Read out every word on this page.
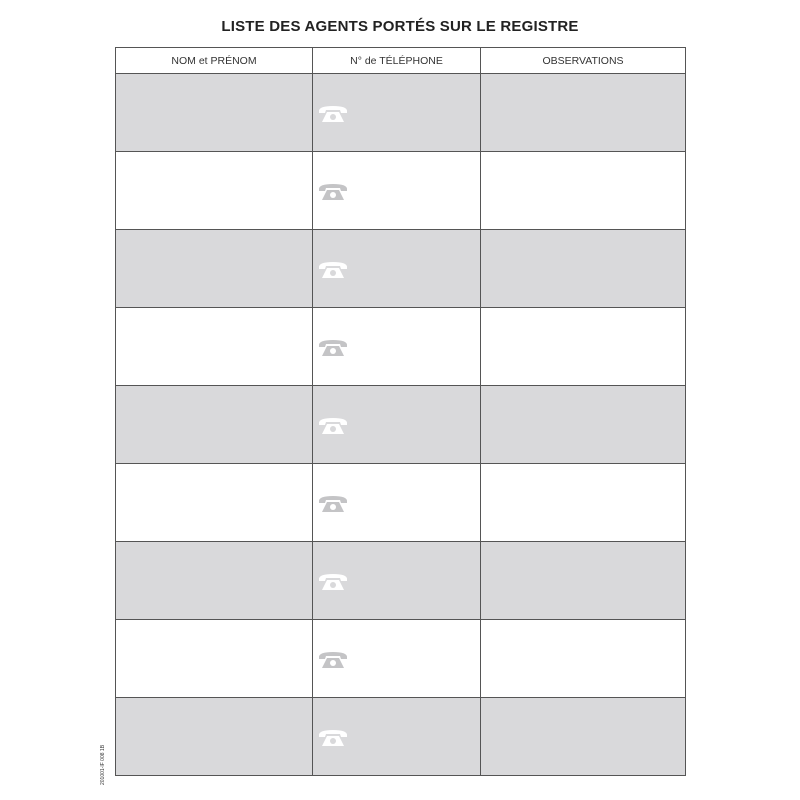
LISTE DES AGENTS PORTÉS SUR LE REGISTRE
NOM et PRÉNOM	N° de TÉLÉPHONE	OBSERVATIONS

201001-IF 008 1B
